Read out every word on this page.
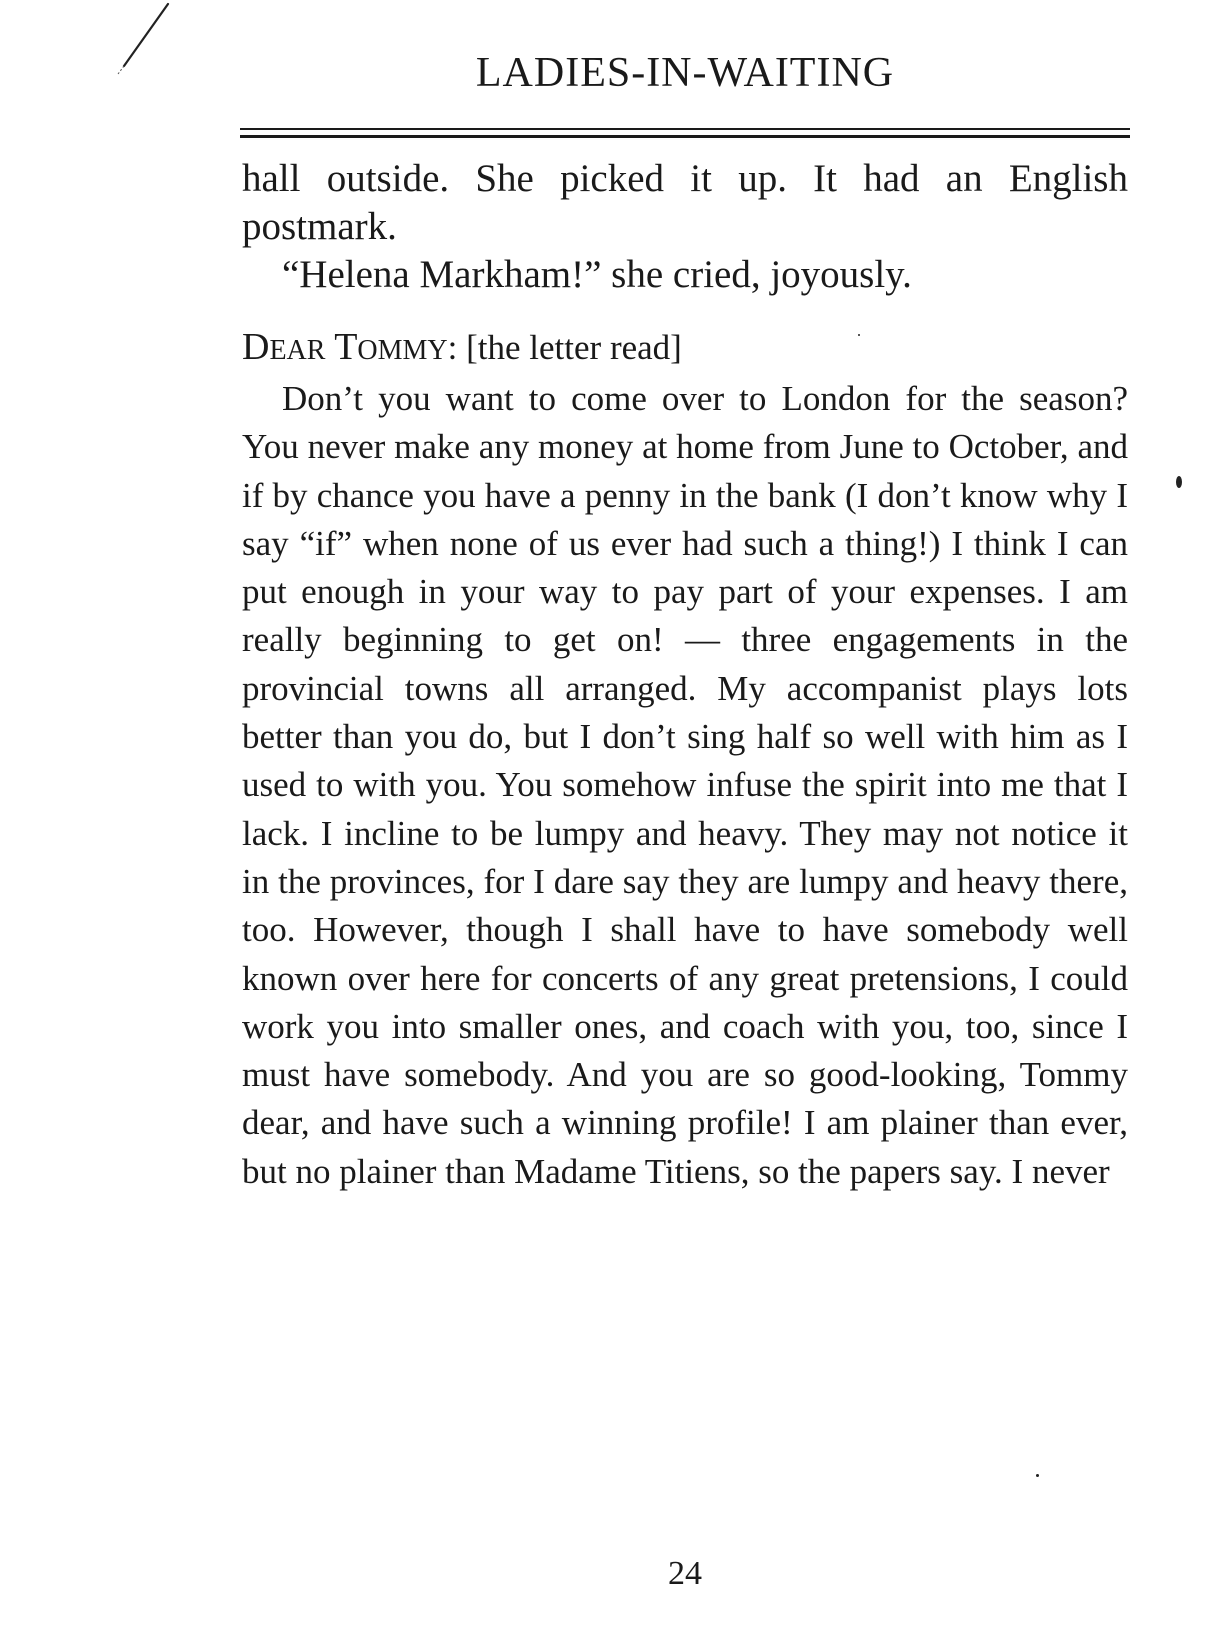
LADIES-IN-WAITING

hall outside. She picked it up. It had an English postmark.

“Helena Markham!” she cried, joyously.

DEAR TOMMY: [the letter read]

Don’t you want to come over to London for the season? You never make any money at home from June to October, and if by chance you have a penny in the bank (I don’t know why I say “if” when none of us ever had such a thing!) I think I can put enough in your way to pay part of your expenses. I am really beginning to get on! — three engagements in the provincial towns all arranged. My accompanist plays lots better than you do, but I don’t sing half so well with him as I used to with you. You somehow infuse the spirit into me that I lack. I incline to be lumpy and heavy. They may not notice it in the provinces, for I dare say they are lumpy and heavy there, too. However, though I shall have to have somebody well known over here for concerts of any great pretensions, I could work you into smaller ones, and coach with you, too, since I must have somebody. And you are so good-looking, Tommy dear, and have such a winning profile! I am plainer than ever, but no plainer than Madame Titiens, so the papers say. I never

24
